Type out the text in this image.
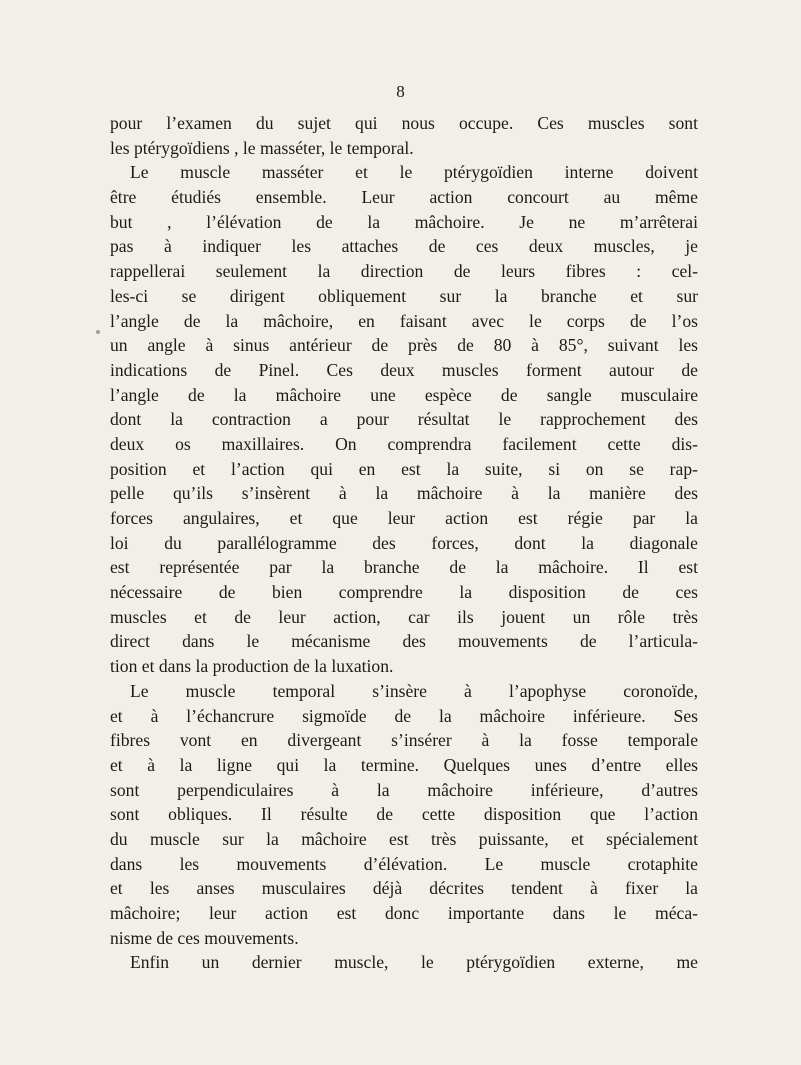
8
pour l’examen du sujet qui nous occupe. Ces muscles sont
les ptérygoïdiens , le masséter, le temporal.
Le muscle masséter et le ptérygoïdien interne doivent
être étudiés ensemble. Leur action concourt au même
but , l’élévation de la mâchoire. Je ne m’arrêterai
pas à indiquer les attaches de ces deux muscles, je
rappellerai seulement la direction de leurs fibres : cel-
les-ci se dirigent obliquement sur la branche et sur
l’angle de la mâchoire, en faisant avec le corps de l’os
un angle à sinus antérieur de près de 80 à 85°, suivant les
indications de Pinel. Ces deux muscles forment autour de
l’angle de la mâchoire une espèce de sangle musculaire
dont la contraction a pour résultat le rapprochement des
deux os maxillaires. On comprendra facilement cette dis-
position et l’action qui en est la suite, si on se rap-
pelle qu’ils s’insèrent à la mâchoire à la manière des
forces angulaires, et que leur action est régie par la
loi du parallélogramme des forces, dont la diagonale
est représentée par la branche de la mâchoire. Il est
nécessaire de bien comprendre la disposition de ces
muscles et de leur action, car ils jouent un rôle très
direct dans le mécanisme des mouvements de l’articula-
tion et dans la production de la luxation.
Le muscle temporal s’insère à l’apophyse coronoïde,
et à l’échancrure sigmoïde de la mâchoire inférieure. Ses
fibres vont en divergeant s’insérer à la fosse temporale
et à la ligne qui la termine. Quelques unes d’entre elles
sont perpendiculaires à la mâchoire inférieure, d’autres
sont obliques. Il résulte de cette disposition que l’action
du muscle sur la mâchoire est très puissante, et spécialement
dans les mouvements d’élévation. Le muscle crotaphite
et les anses musculaires déjà décrites tendent à fixer la
mâchoire; leur action est donc importante dans le méca-
nisme de ces mouvements.
Enfin un dernier muscle, le ptérygoïdien externe, me
